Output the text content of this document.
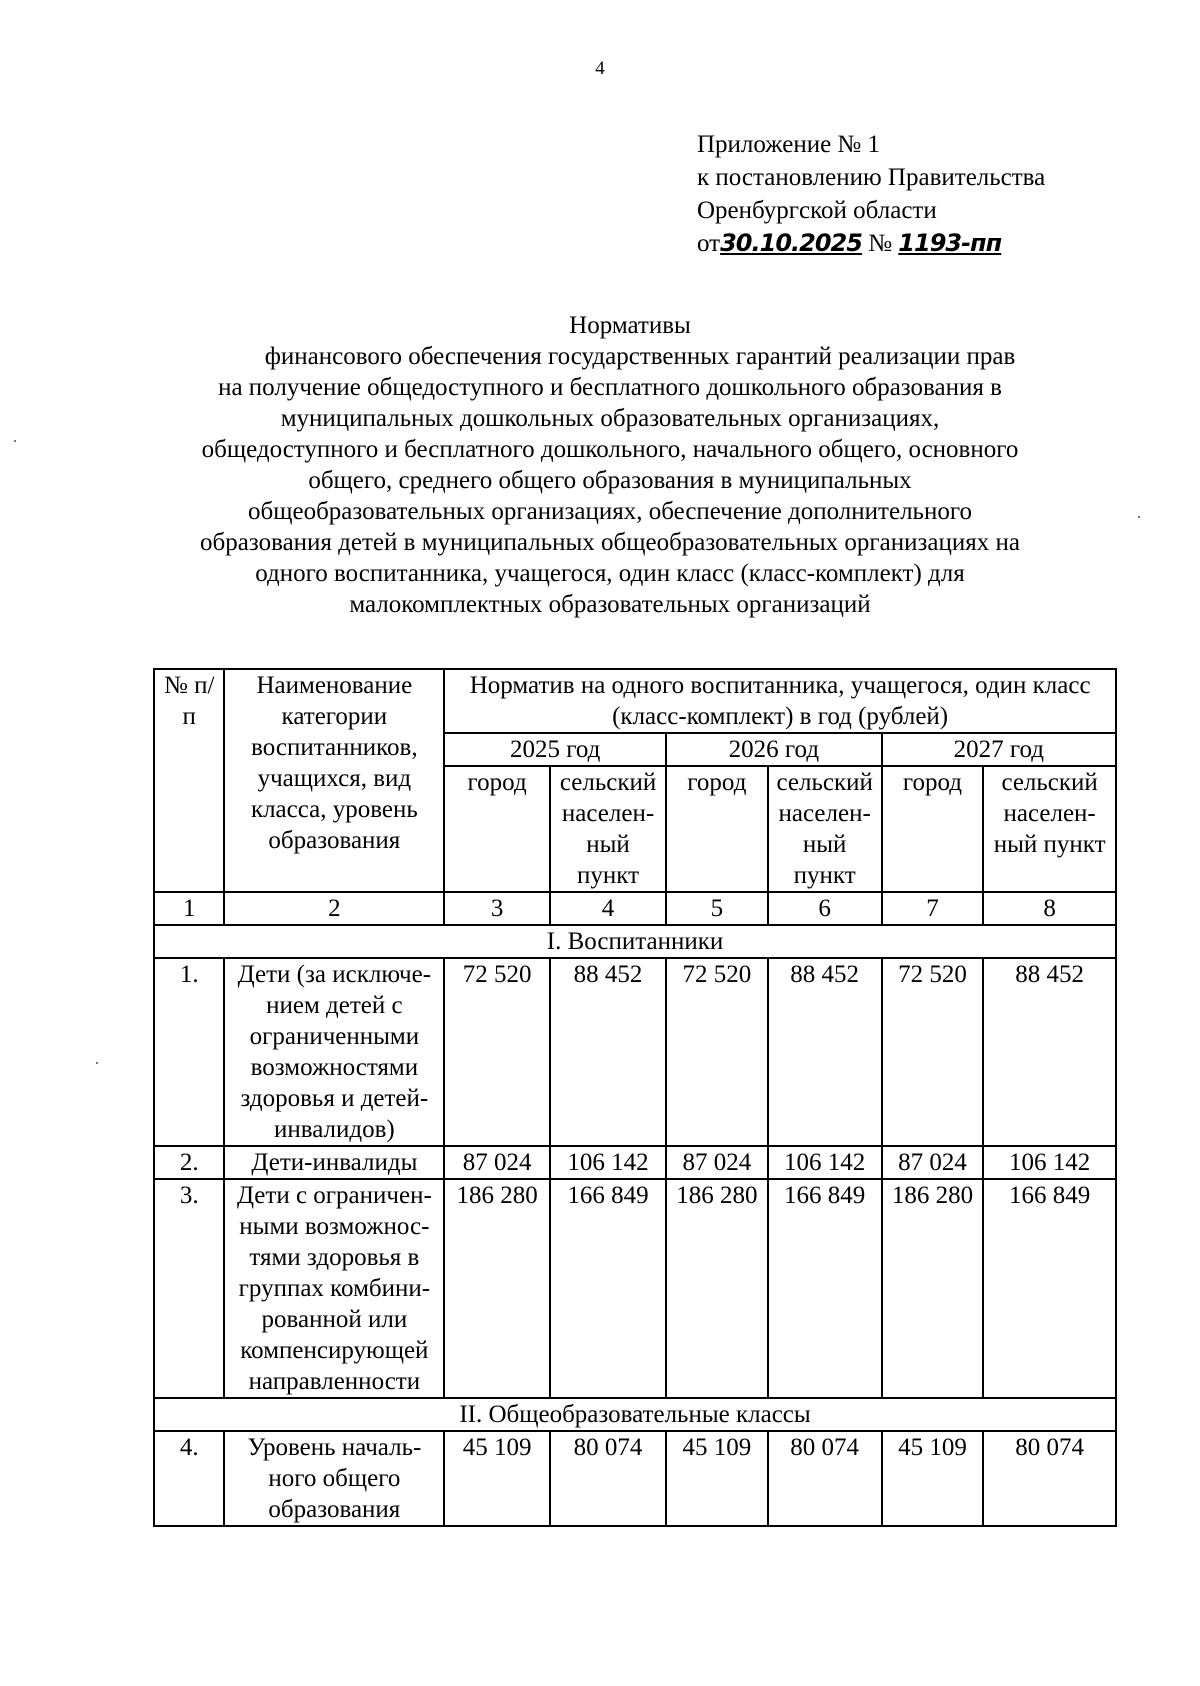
4
Приложение № 1
к постановлению Правительства
Оренбургской области
от30.10.2025 № 1193-пп
Нормативы
финансового обеспечения государственных гарантий реализации прав
на получение общедоступного и бесплатного дошкольного образования в
муниципальных дошкольных образовательных организациях,
общедоступного и бесплатного дошкольного, начального общего, основного
общего, среднего общего образования в муниципальных
общеобразовательных организациях, обеспечение дополнительного
образования детей в муниципальных общеобразовательных организациях на
одного воспитанника, учащегося, один класс (класс-комплект) для
малокомплектных образовательных организаций
№ п/п	Наименование категории воспитанников, учащихся, вид класса, уровень образования	Норматив на одного воспитанника, учащегося, один класс (класс-комплект) в год (рублей)					
		2025 год		2026 год		2027 год	
		город	сельский населен-ный пункт	город	сельский населен-ный пункт	город	сельский населен-ный пункт
1	2	3	4	5	6	7	8
I. Воспитанники							
1.	Дети (за исключе-нием детей с ограниченными возможностями здоровья и детей-инвалидов)	72 520	88 452	72 520	88 452	72 520	88 452
2.	Дети-инвалиды	87 024	106 142	87 024	106 142	87 024	106 142
3.	Дети с ограничен-ными возможнос-тями здоровья в группах комбини-рованной или компенсирующей направленности	186 280	166 849	186 280	166 849	186 280	166 849
II. Общеобразовательные классы							
4.	Уровень началь-ного общего образования	45 109	80 074	45 109	80 074	45 109	80 074
